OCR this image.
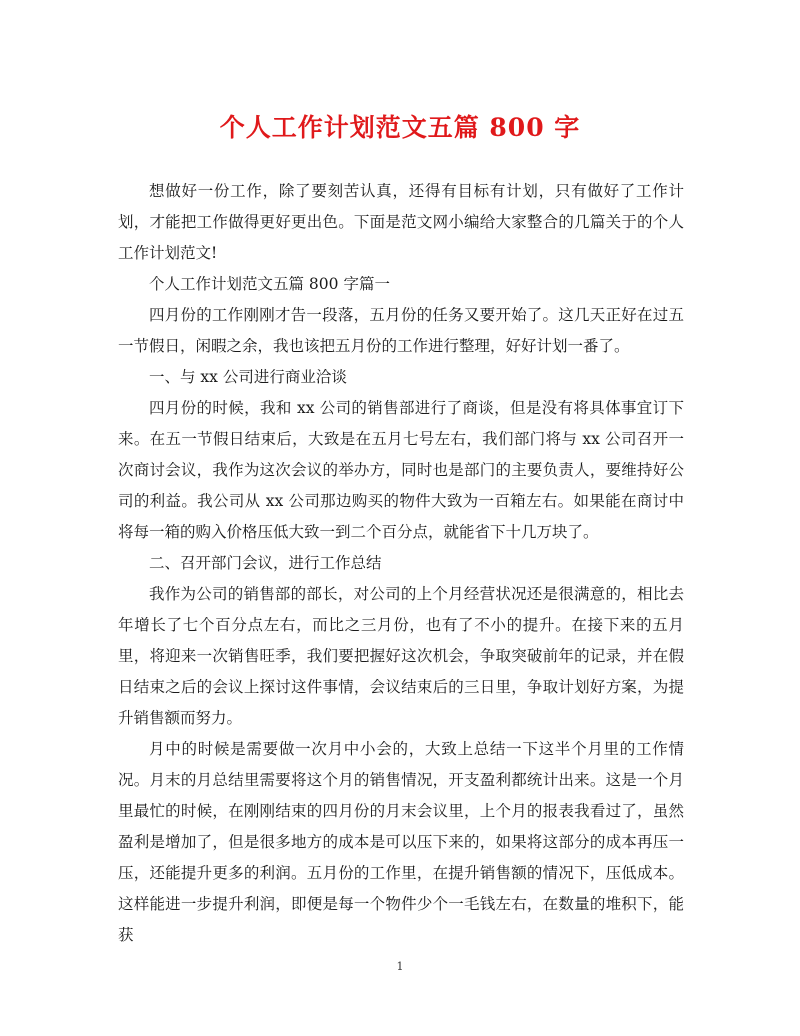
个人工作计划范文五篇 800 字

想做好一份工作，除了要刻苦认真，还得有目标有计划，只有做好了工作计划，才能把工作做得更好更出色。下面是范文网小编给大家整合的几篇关于的个人工作计划范文!

个人工作计划范文五篇 800 字篇一

四月份的工作刚刚才告一段落，五月份的任务又要开始了。这几天正好在过五一节假日，闲暇之余，我也该把五月份的工作进行整理，好好计划一番了。

一、与 xx 公司进行商业洽谈

四月份的时候，我和 xx 公司的销售部进行了商谈，但是没有将具体事宜订下来。在五一节假日结束后，大致是在五月七号左右，我们部门将与 xx 公司召开一次商讨会议，我作为这次会议的举办方，同时也是部门的主要负责人，要维持好公司的利益。我公司从 xx 公司那边购买的物件大致为一百箱左右。如果能在商讨中将每一箱的购入价格压低大致一到二个百分点，就能省下十几万块了。

二、召开部门会议，进行工作总结

我作为公司的销售部的部长，对公司的上个月经营状况还是很满意的，相比去年增长了七个百分点左右，而比之三月份，也有了不小的提升。在接下来的五月里，将迎来一次销售旺季，我们要把握好这次机会，争取突破前年的记录，并在假日结束之后的会议上探讨这件事情，会议结束后的三日里，争取计划好方案，为提升销售额而努力。

月中的时候是需要做一次月中小会的，大致上总结一下这半个月里的工作情况。月末的月总结里需要将这个月的销售情况，开支盈利都统计出来。这是一个月里最忙的时候，在刚刚结束的四月份的月末会议里，上个月的报表我看过了，虽然盈利是增加了，但是很多地方的成本是可以压下来的，如果将这部分的成本再压一压，还能提升更多的利润。五月份的工作里，在提升销售额的情况下，压低成本。这样能进一步提升利润，即便是每一个物件少个一毛钱左右，在数量的堆积下，能获

1
